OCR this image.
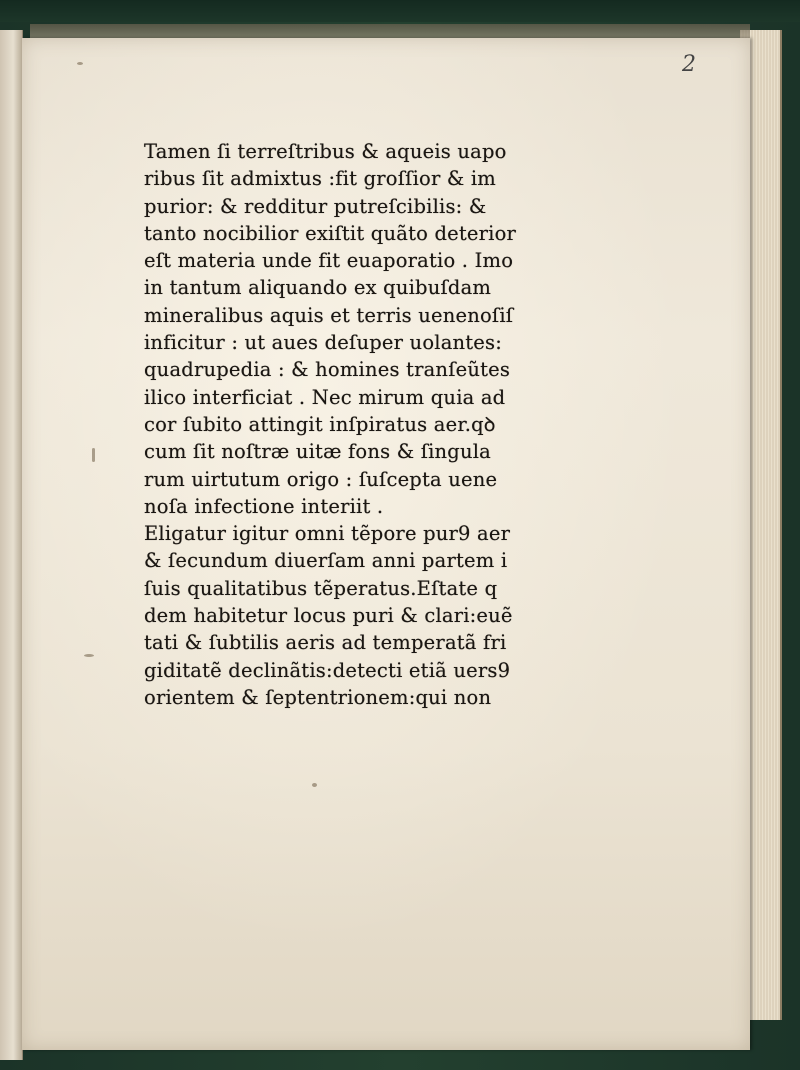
2
Tamen ſi terreſtribus & aqueis uapo
ribus ſit admixtus :fit groſſior & im
purior: & redditur putreſcibilis: &
tanto nocibilior exiſtit quãto deterior
eſt materia unde fit euaporatio . Imo
in tantum aliquando ex quibuſdam
mineralibus aquis et terris uenenoſiſ
inficitur : ut aues deſuper uolantes:
quadrupedia : & homines tranſeũtes
ilico interficiat . Nec mirum quia ad
cor ſubito attingit inſpiratus aer.qꝺ
cum ſit noſtræ uitæ fons & ſingula
rum uirtutum origo : ſuſcepta uene
noſa infectione interiit .
Eligatur igitur omni tẽpore pur9 aer
& ſecundum diuerſam anni partem i
ſuis qualitatibus tẽperatus.Eſtate q
dem habitetur locus puri & clari:euẽ
tati & ſubtilis aeris ad temperatã fri
giditatẽ declinãtis:detecti etiã uers9
orientem & ſeptentrionem:qui non
